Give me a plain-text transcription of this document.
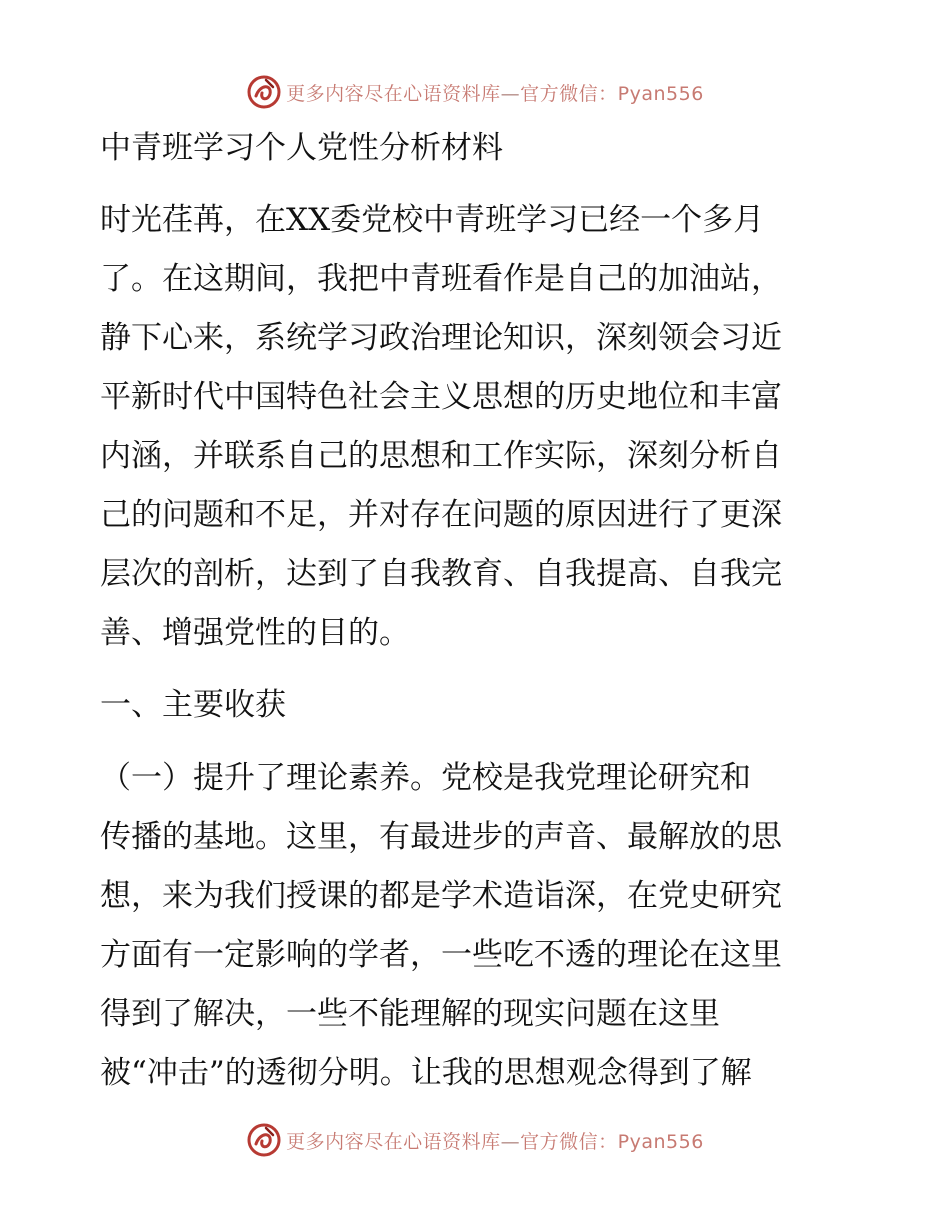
更多内容尽在心语资料库—官方微信：Pyan556
中青班学习个人党性分析材料
时光荏苒，在XX委党校中青班学习已经一个多月
了。在这期间，我把中青班看作是自己的加油站，
静下心来，系统学习政治理论知识，深刻领会习近
平新时代中国特色社会主义思想的历史地位和丰富
内涵，并联系自己的思想和工作实际，深刻分析自
己的问题和不足，并对存在问题的原因进行了更深
层次的剖析，达到了自我教育、自我提高、自我完
善、增强党性的目的。
一、主要收获
（一）提升了理论素养。党校是我党理论研究和
传播的基地。这里，有最进步的声音、最解放的思
想，来为我们授课的都是学术造诣深，在党史研究
方面有一定影响的学者，一些吃不透的理论在这里
得到了解决，一些不能理解的现实问题在这里
被“冲击”的透彻分明。让我的思想观念得到了解
更多内容尽在心语资料库—官方微信：Pyan556
